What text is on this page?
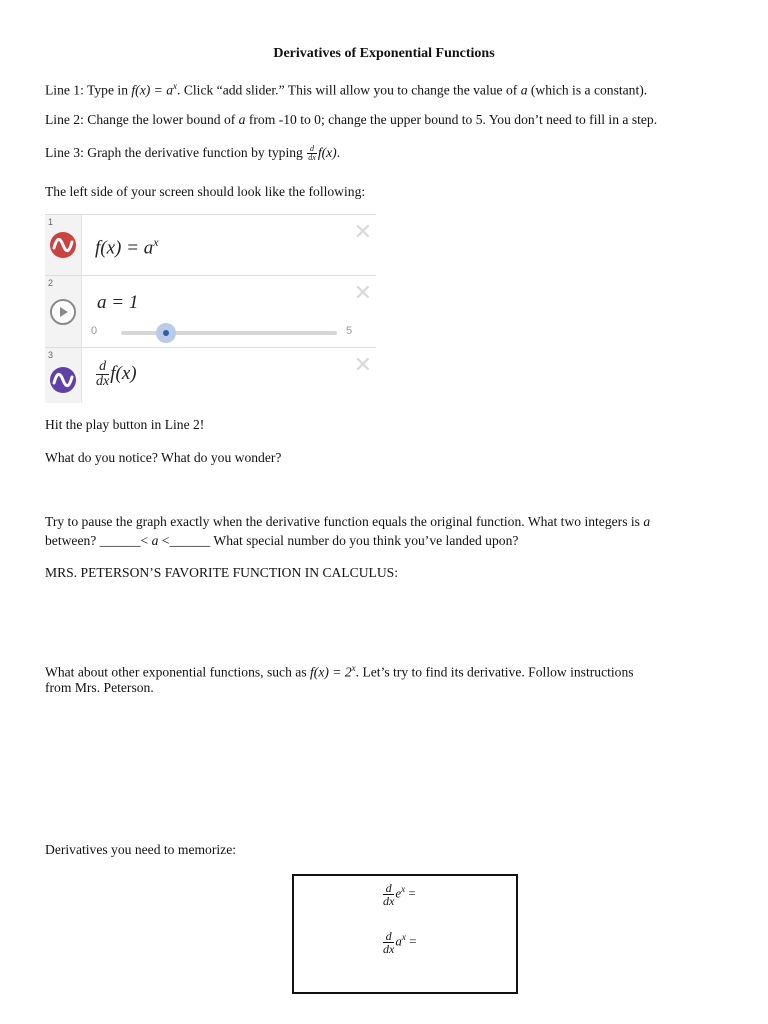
Derivatives of Exponential Functions
Line 1: Type in $f(x) = a^x$. Click “add slider.” This will allow you to change the value of a (which is a constant).
Line 2: Change the lower bound of a from -10 to 0; change the upper bound to 5. You don’t need to fill in a step.
Line 3: Graph the derivative function by typing $\frac{d}{dx} f(x)$.
The left side of your screen should look like the following:
1
$f(x) = a^x$	✕
2
a = 1
0	5
✕
3
$\frac{d}{dx} f(x)$	✕
Hit the play button in Line 2!
What do you notice? What do you wonder?
Try to pause the graph exactly when the derivative function equals the original function. What two integers is a
between? ______< a <______ What special number do you think you’ve landed upon?
MRS. PETERSON’S FAVORITE FUNCTION IN CALCULUS:
What about other exponential functions, such as $f(x) = 2^x$. Let’s try to find its derivative. Follow instructions
from Mrs. Peterson.
Derivatives you need to memorize:
$\frac{d}{dx} e^x$ =
$\frac{d}{dx} a^x$ =
